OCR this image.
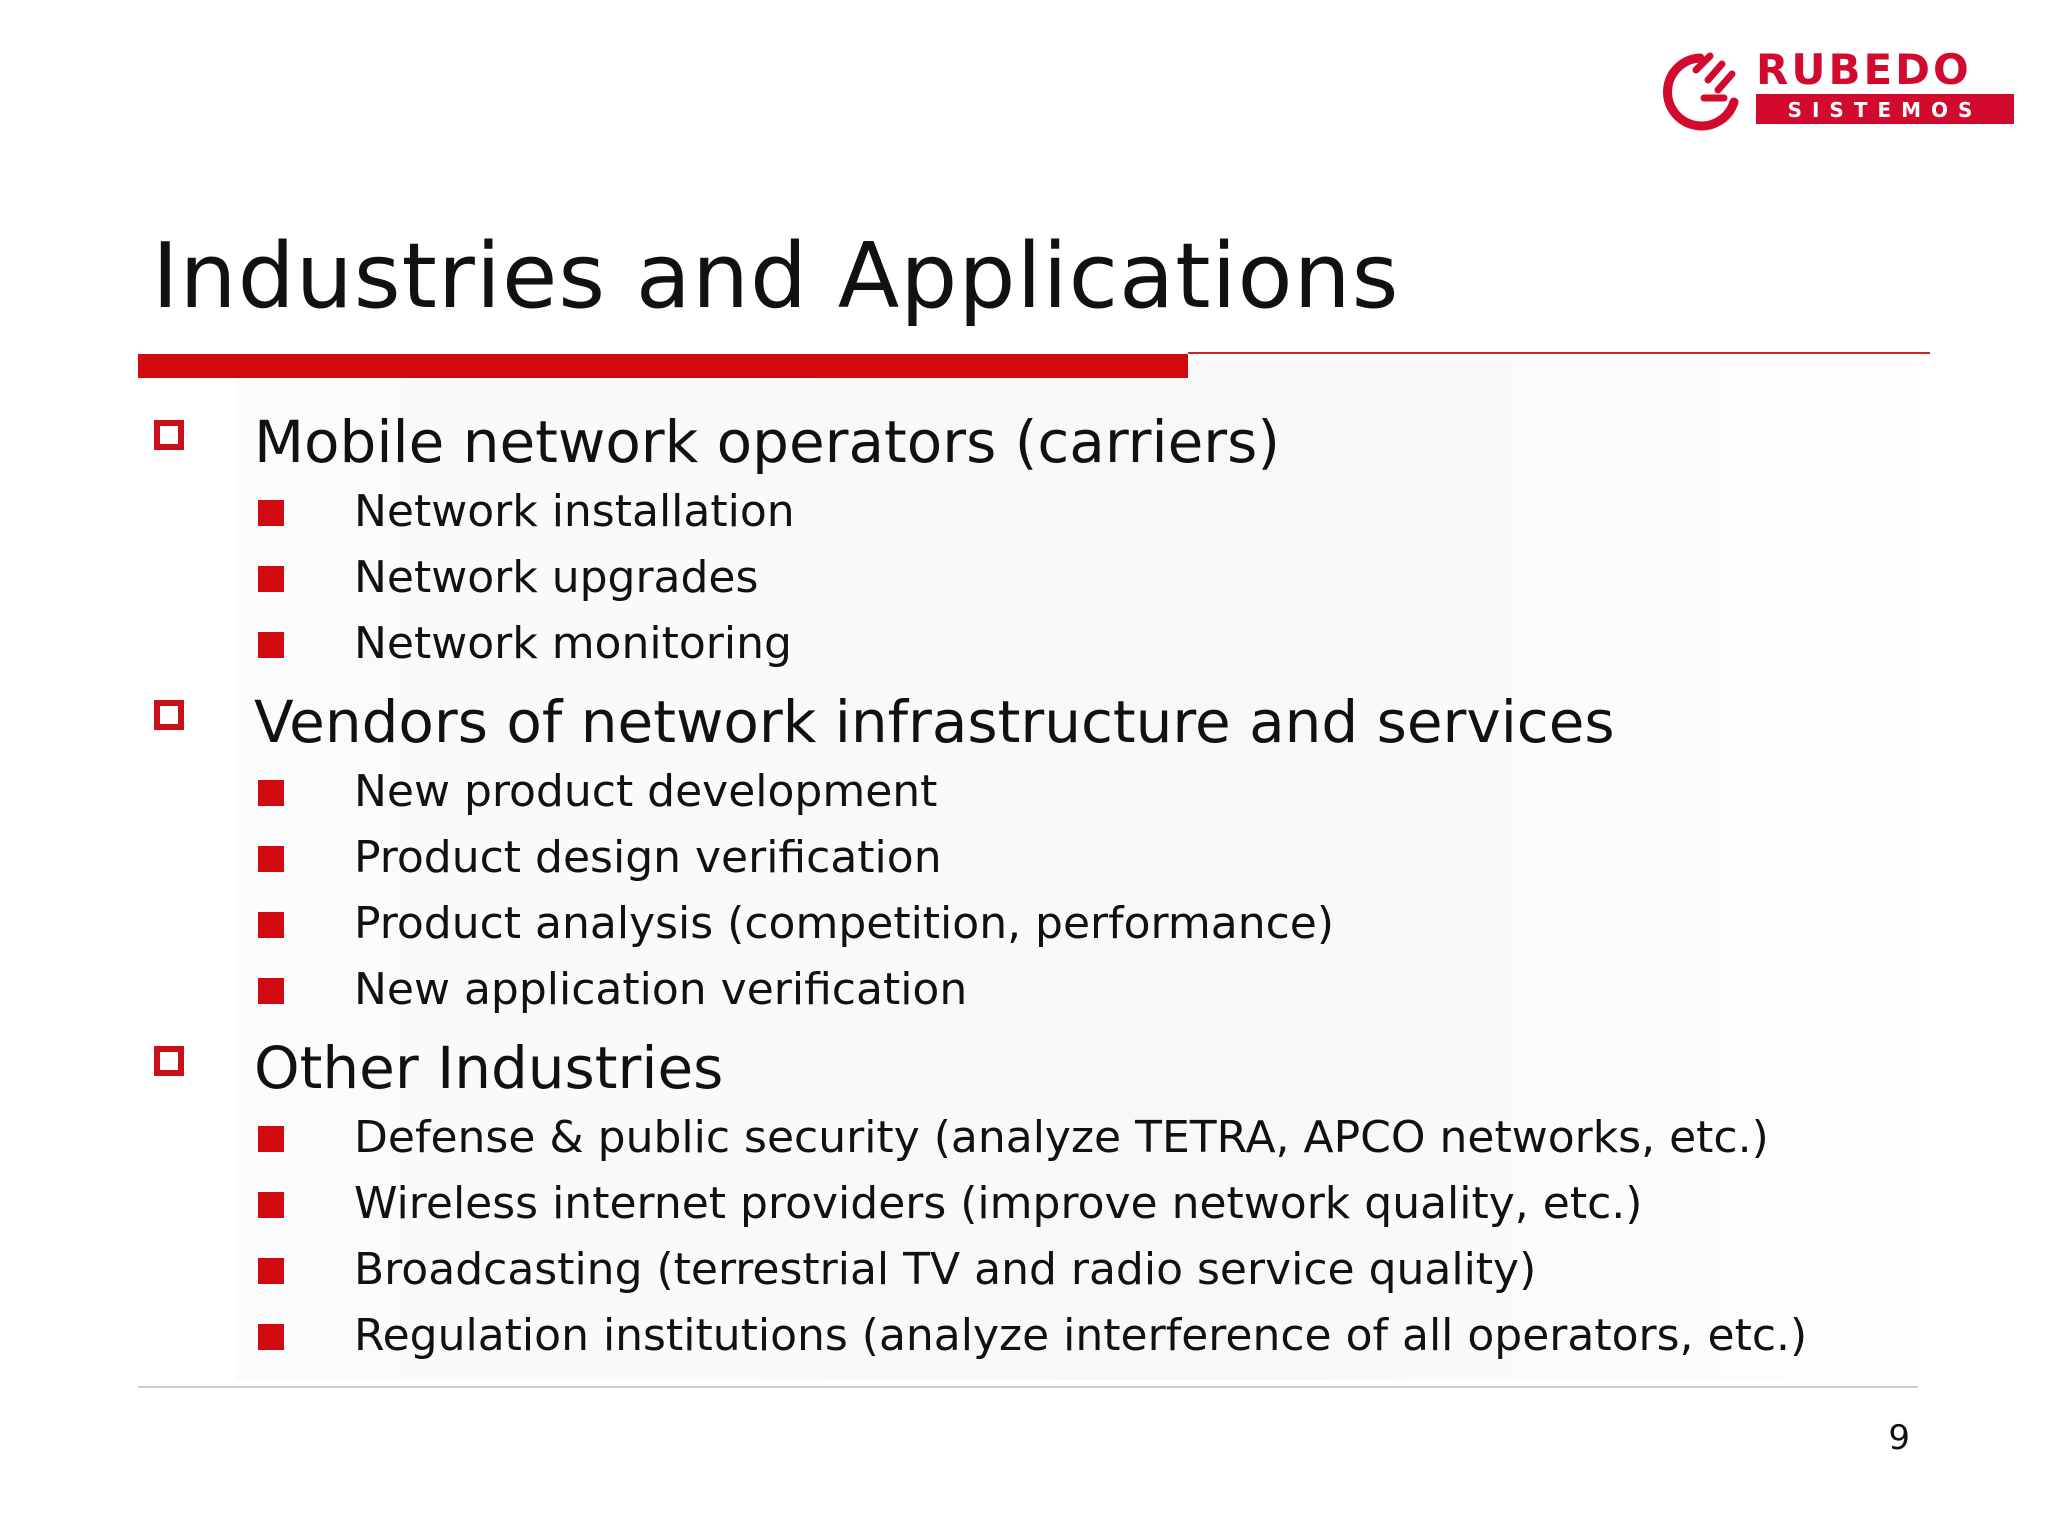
RUBEDO
SISTEMOS
Industries and Applications
Mobile network operators (carriers)
Network installation
Network upgrades
Network monitoring
Vendors of network infrastructure and services
New product development
Product design verification
Product analysis (competition, performance)
New application verification
Other Industries
Defense & public security (analyze TETRA, APCO networks, etc.)
Wireless internet providers (improve network quality, etc.)
Broadcasting (terrestrial TV and radio service quality)
Regulation institutions (analyze interference of all operators, etc.)
9
